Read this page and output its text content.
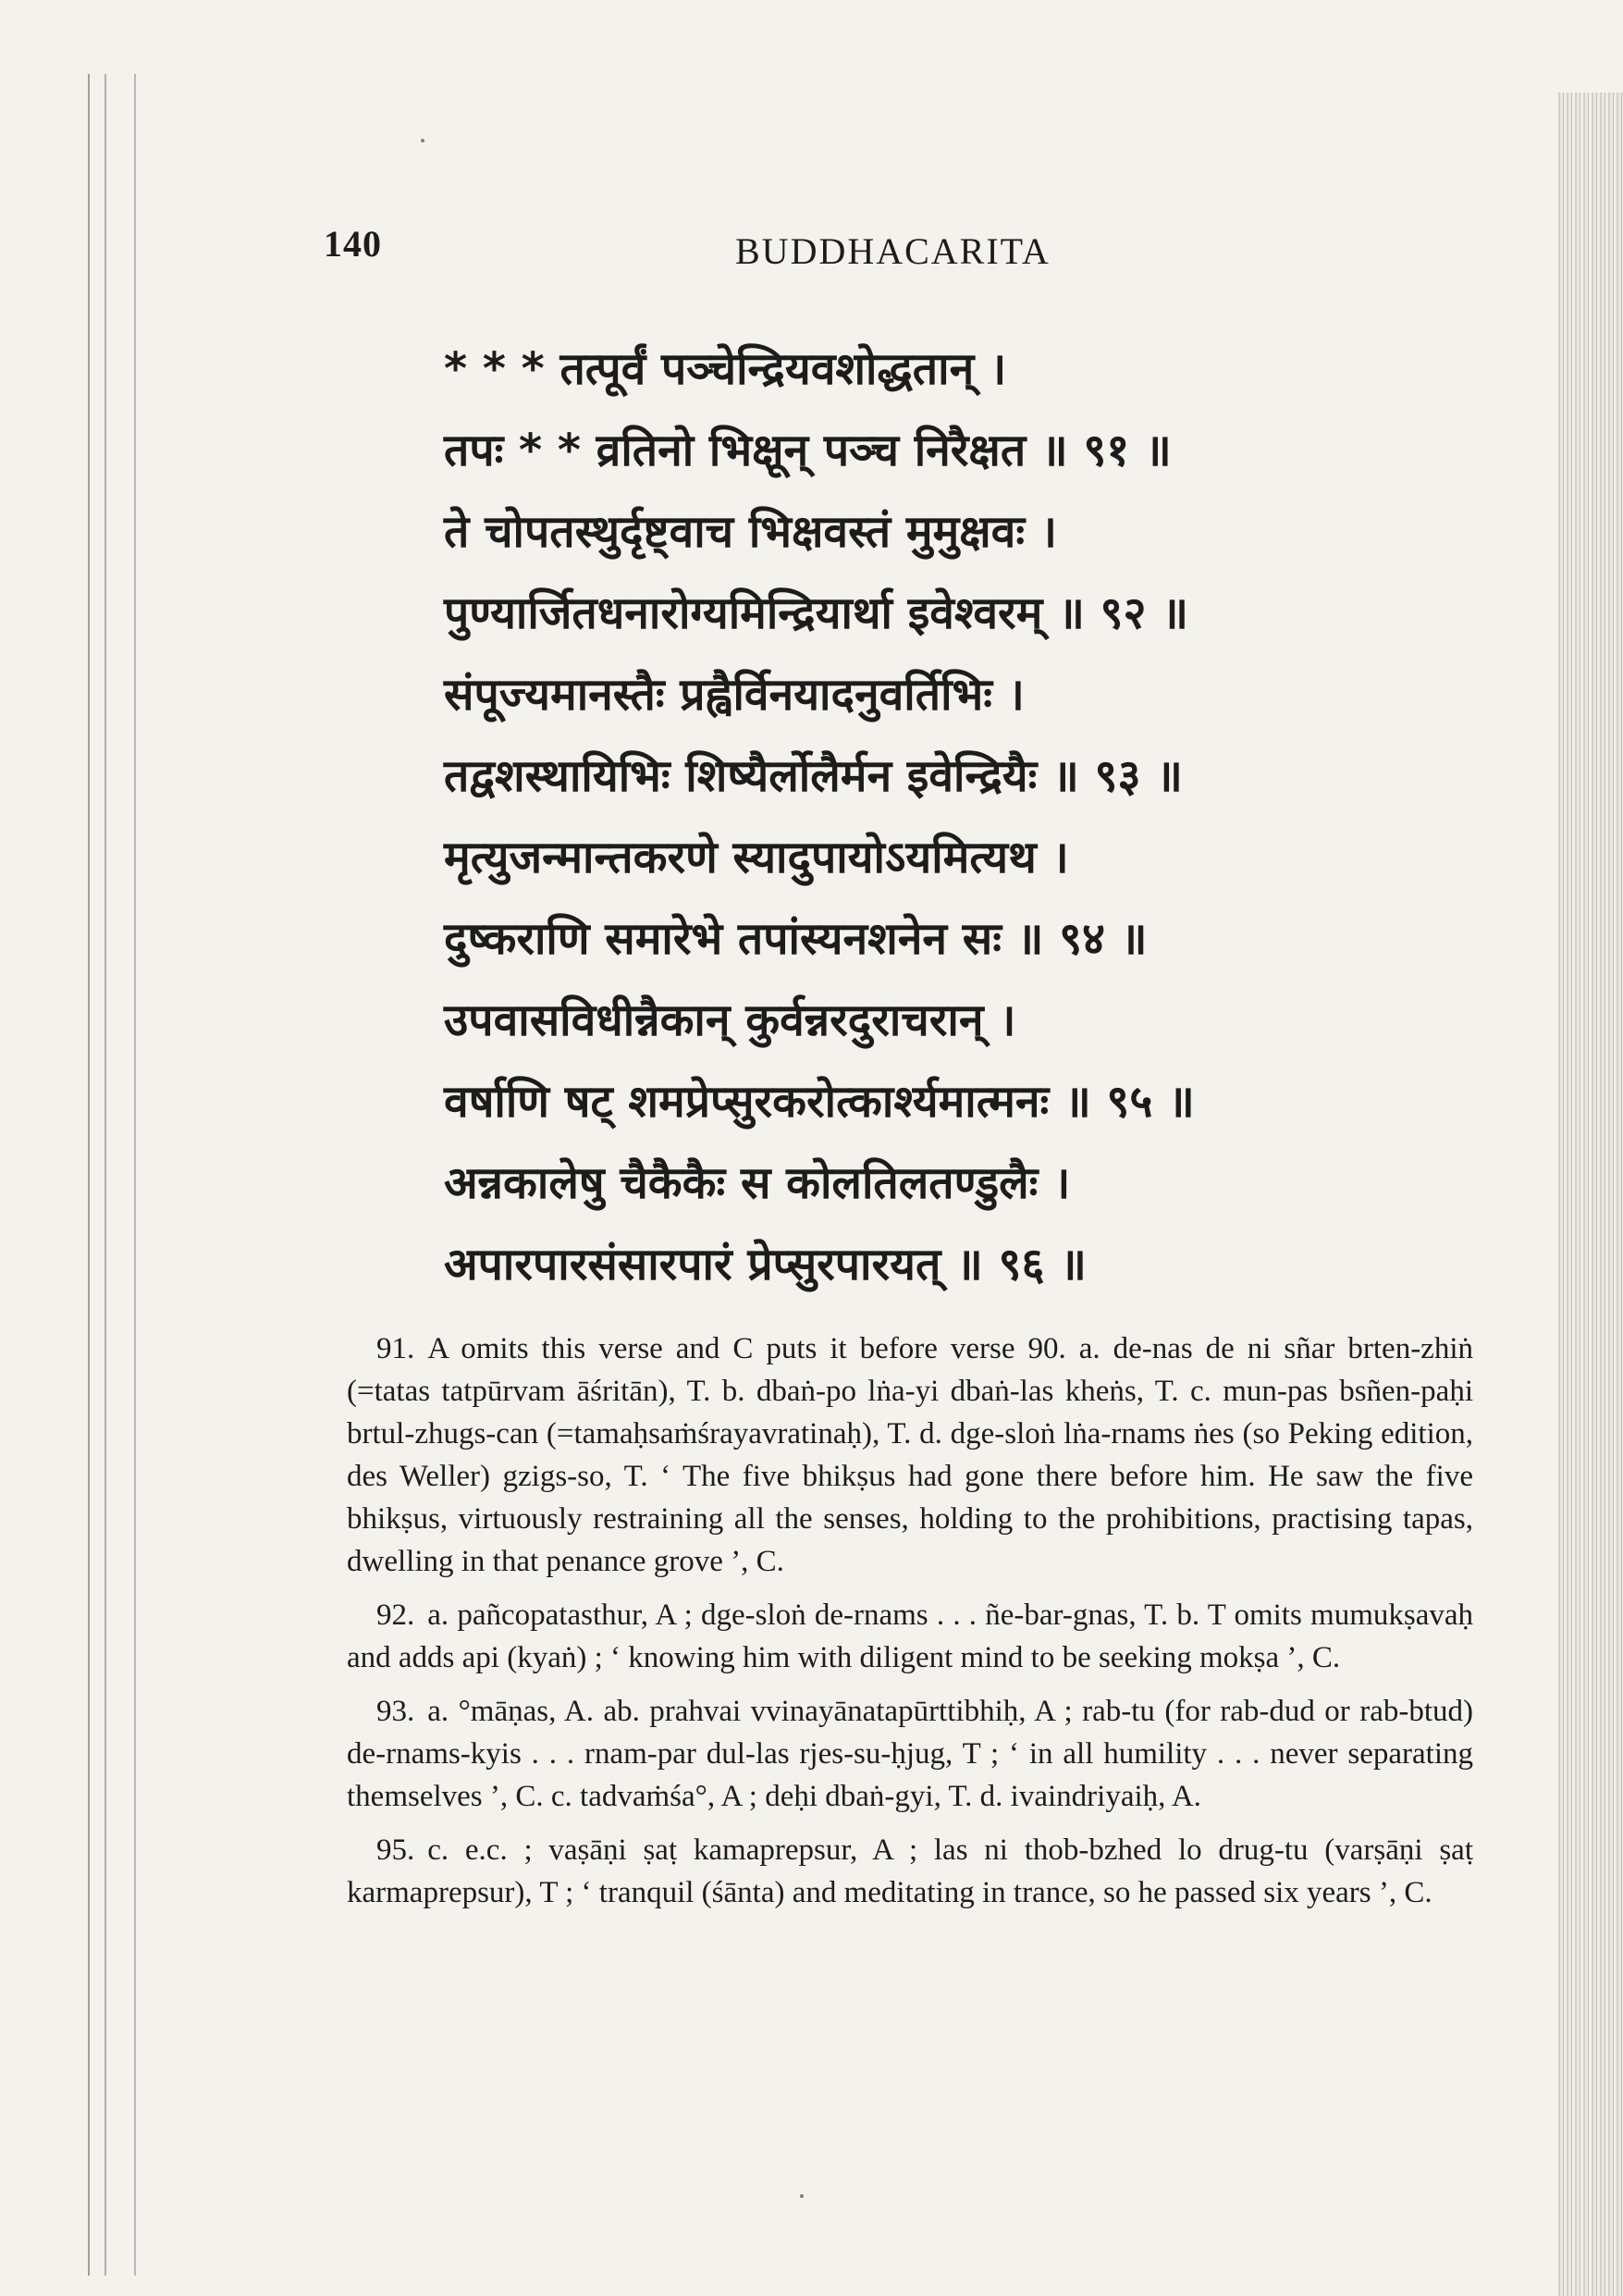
140	BUDDHACARITA
* * * तत्पूर्वं पञ्चेन्द्रियवशोद्धतान् ।
तपः * * व्रतिनो भिक्षून् पञ्च निरैक्षत ॥ ९१ ॥
ते चोपतस्थुर्दृष्ट्वाच भिक्षवस्तं मुमुक्षवः ।
पुण्यार्जितधनारोग्यमिन्द्रियार्था इवेश्वरम् ॥ ९२ ॥
संपूज्यमानस्तैः प्रह्वैर्विनयादनुवर्तिभिः ।
तद्वशस्थायिभिः शिष्यैर्लोलैर्मन इवेन्द्रियैः ॥ ९३ ॥
मृत्युजन्मान्तकरणे स्यादुपायोऽयमित्यथ ।
दुष्कराणि समारेभे तपांस्यनशनेन सः ॥ ९४ ॥
उपवासविधीन्नैकान् कुर्वन्नरदुराचरान् ।
वर्षाणि षट् शमप्रेप्सुरकरोत्कार्श्यमात्मनः ॥ ९५ ॥
अन्नकालेषु चैकैकैः स कोलतिलतण्डुलैः ।
अपारपारसंसारपारं प्रेप्सुरपारयत् ॥ ९६ ॥

91. A omits this verse and C puts it before verse 90. a. de-nas de ni sñar brten-zhiṅ (=tatas tatpūrvam āśritān), T. b. dbaṅ-po lṅa-yi dbaṅ-las kheṅs, T. c. mun-pas bsñen-paḥi brtul-zhugs-can (=tamaḥsaṁśrayavratinaḥ), T. d. dge-sloṅ lṅa-rnams ṅes (so Peking edition, des Weller) gzigs-so, T. ‘ The five bhikṣus had gone there before him. He saw the five bhikṣus, virtuously restraining all the senses, holding to the prohibitions, practising tapas, dwelling in that penance grove ’, C.

92. a. pañcopatasthur, A ; dge-sloṅ de-rnams . . . ñe-bar-gnas, T. b. T omits mumukṣavaḥ and adds api (kyaṅ) ; ‘ knowing him with diligent mind to be seeking mokṣa ’, C.

93. a. °māṇas, A. ab. prahvai vvinayānatapūrttibhiḥ, A ; rab-tu (for rab-dud or rab-btud) de-rnams-kyis . . . rnam-par dul-las rjes-su-ḥjug, T ; ‘ in all humility . . . never separating themselves ’, C. c. tadvaṁśa°, A ; deḥi dbaṅ-gyi, T. d. ivaindriyaiḥ, A.

95. c. e.c. ; vaṣāṇi ṣaṭ kamaprepsur, A ; las ni thob-bzhed lo drug-tu (varṣāṇi ṣaṭ karmaprepsur), T ; ‘ tranquil (śānta) and meditating in trance, so he passed six years ’, C.
